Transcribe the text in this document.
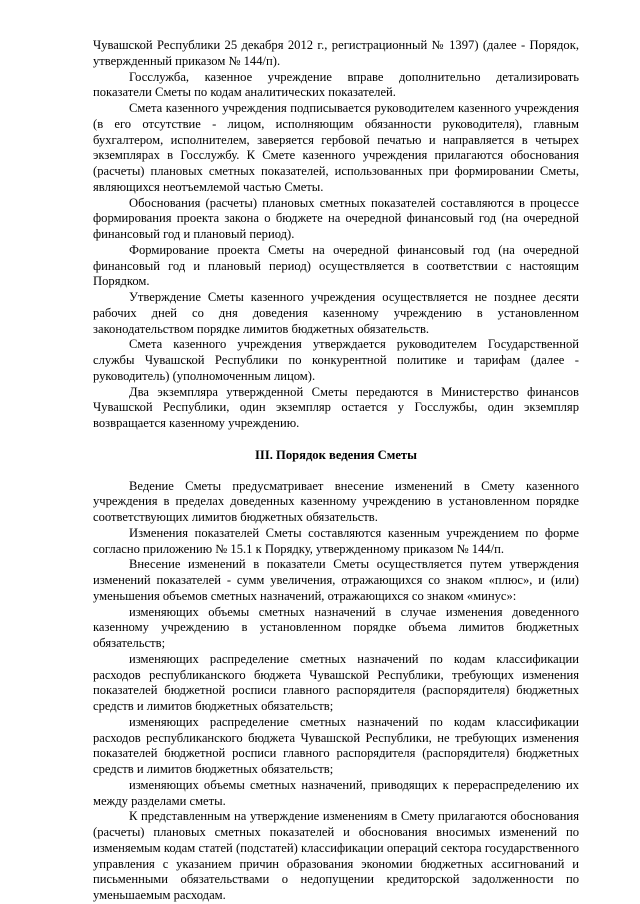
Чувашской Республики 25 декабря 2012 г., регистрационный № 1397) (далее - Порядок, утвержденный приказом № 144/п).

Госслужба, казенное учреждение вправе дополнительно детализировать показатели Сметы по кодам аналитических показателей.

Смета казенного учреждения подписывается руководителем казенного учреждения (в его отсутствие - лицом, исполняющим обязанности руководителя), главным бухгалтером, исполнителем, заверяется гербовой печатью и направляется в четырех экземплярах в Госслужбу. К Смете казенного учреждения прилагаются обоснования (расчеты) плановых сметных показателей, использованных при формировании Сметы, являющихся неотъемлемой частью Сметы.

Обоснования (расчеты) плановых сметных показателей составляются в процессе формирования проекта закона о бюджете на очередной финансовый год (на очередной финансовый год и плановый период).

Формирование проекта Сметы на очередной финансовый год (на очередной финансовый год и плановый период) осуществляется в соответствии с настоящим Порядком.

Утверждение Сметы казенного учреждения осуществляется не позднее десяти рабочих дней со дня доведения казенному учреждению в установленном законодательством порядке лимитов бюджетных обязательств.

Смета казенного учреждения утверждается руководителем Государственной службы Чувашской Республики по конкурентной политике и тарифам (далее - руководитель) (уполномоченным лицом).

Два экземпляра утвержденной Сметы передаются в Министерство финансов Чувашской Республики, один экземпляр остается у Госслужбы, один экземпляр возвращается казенному учреждению.

III. Порядок ведения Сметы

Ведение Сметы предусматривает внесение изменений в Смету казенного учреждения в пределах доведенных казенному учреждению в установленном порядке соответствующих лимитов бюджетных обязательств.

Изменения показателей Сметы составляются казенным учреждением по форме согласно приложению № 15.1 к Порядку, утвержденному приказом № 144/п.

Внесение изменений в показатели Сметы осуществляется путем утверждения изменений показателей - сумм увеличения, отражающихся со знаком «плюс», и (или) уменьшения объемов сметных назначений, отражающихся со знаком «минус»:

изменяющих объемы сметных назначений в случае изменения доведенного казенному учреждению в установленном порядке объема лимитов бюджетных обязательств;

изменяющих распределение сметных назначений по кодам классификации расходов республиканского бюджета Чувашской Республики, требующих изменения показателей бюджетной росписи главного распорядителя (распорядителя) бюджетных средств и лимитов бюджетных обязательств;

изменяющих распределение сметных назначений по кодам классификации расходов республиканского бюджета Чувашской Республики, не требующих изменения показателей бюджетной росписи главного распорядителя (распорядителя) бюджетных средств и лимитов бюджетных обязательств;

изменяющих объемы сметных назначений, приводящих к перераспределению их между разделами сметы.

К представленным на утверждение изменениям в Смету прилагаются обоснования (расчеты) плановых сметных показателей и обоснования вносимых изменений по изменяемым кодам статей (подстатей) классификации операций сектора государственного управления с указанием причин образования экономии бюджетных ассигнований и письменными обязательствами о недопущении кредиторской задолженности по уменьшаемым расходам.
